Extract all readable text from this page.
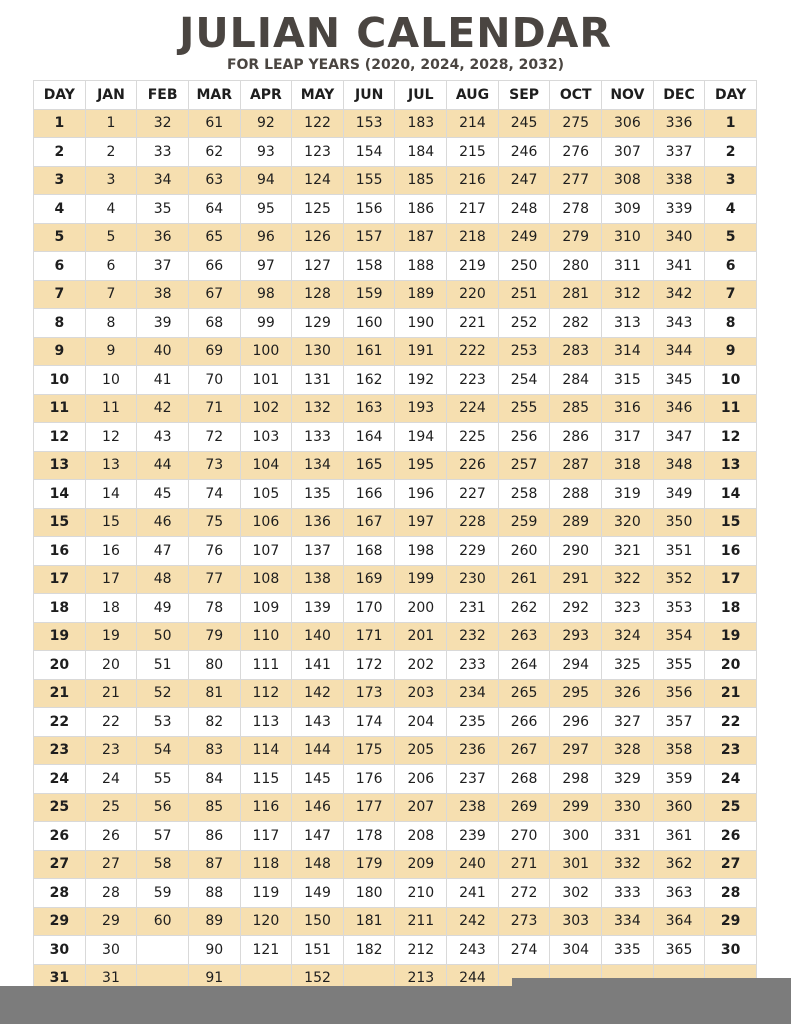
JULIAN CALENDAR
FOR LEAP YEARS (2020, 2024, 2028, 2032)
DAY	JAN	FEB	MAR	APR	MAY	JUN	JUL	AUG	SEP	OCT	NOV	DEC	DAY
1	1	32	61	92	122	153	183	214	245	275	306	336	1
2	2	33	62	93	123	154	184	215	246	276	307	337	2
3	3	34	63	94	124	155	185	216	247	277	308	338	3
4	4	35	64	95	125	156	186	217	248	278	309	339	4
5	5	36	65	96	126	157	187	218	249	279	310	340	5
6	6	37	66	97	127	158	188	219	250	280	311	341	6
7	7	38	67	98	128	159	189	220	251	281	312	342	7
8	8	39	68	99	129	160	190	221	252	282	313	343	8
9	9	40	69	100	130	161	191	222	253	283	314	344	9
10	10	41	70	101	131	162	192	223	254	284	315	345	10
11	11	42	71	102	132	163	193	224	255	285	316	346	11
12	12	43	72	103	133	164	194	225	256	286	317	347	12
13	13	44	73	104	134	165	195	226	257	287	318	348	13
14	14	45	74	105	135	166	196	227	258	288	319	349	14
15	15	46	75	106	136	167	197	228	259	289	320	350	15
16	16	47	76	107	137	168	198	229	260	290	321	351	16
17	17	48	77	108	138	169	199	230	261	291	322	352	17
18	18	49	78	109	139	170	200	231	262	292	323	353	18
19	19	50	79	110	140	171	201	232	263	293	324	354	19
20	20	51	80	111	141	172	202	233	264	294	325	355	20
21	21	52	81	112	142	173	203	234	265	295	326	356	21
22	22	53	82	113	143	174	204	235	266	296	327	357	22
23	23	54	83	114	144	175	205	236	267	297	328	358	23
24	24	55	84	115	145	176	206	237	268	298	329	359	24
25	25	56	85	116	146	177	207	238	269	299	330	360	25
26	26	57	86	117	147	178	208	239	270	300	331	361	26
27	27	58	87	118	148	179	209	240	271	301	332	362	27
28	28	59	88	119	149	180	210	241	272	302	333	363	28
29	29	60	89	120	150	181	211	242	273	303	334	364	29
30	30		90	121	151	182	212	243	274	304	335	365	30
31	31		91		152		213	244					
